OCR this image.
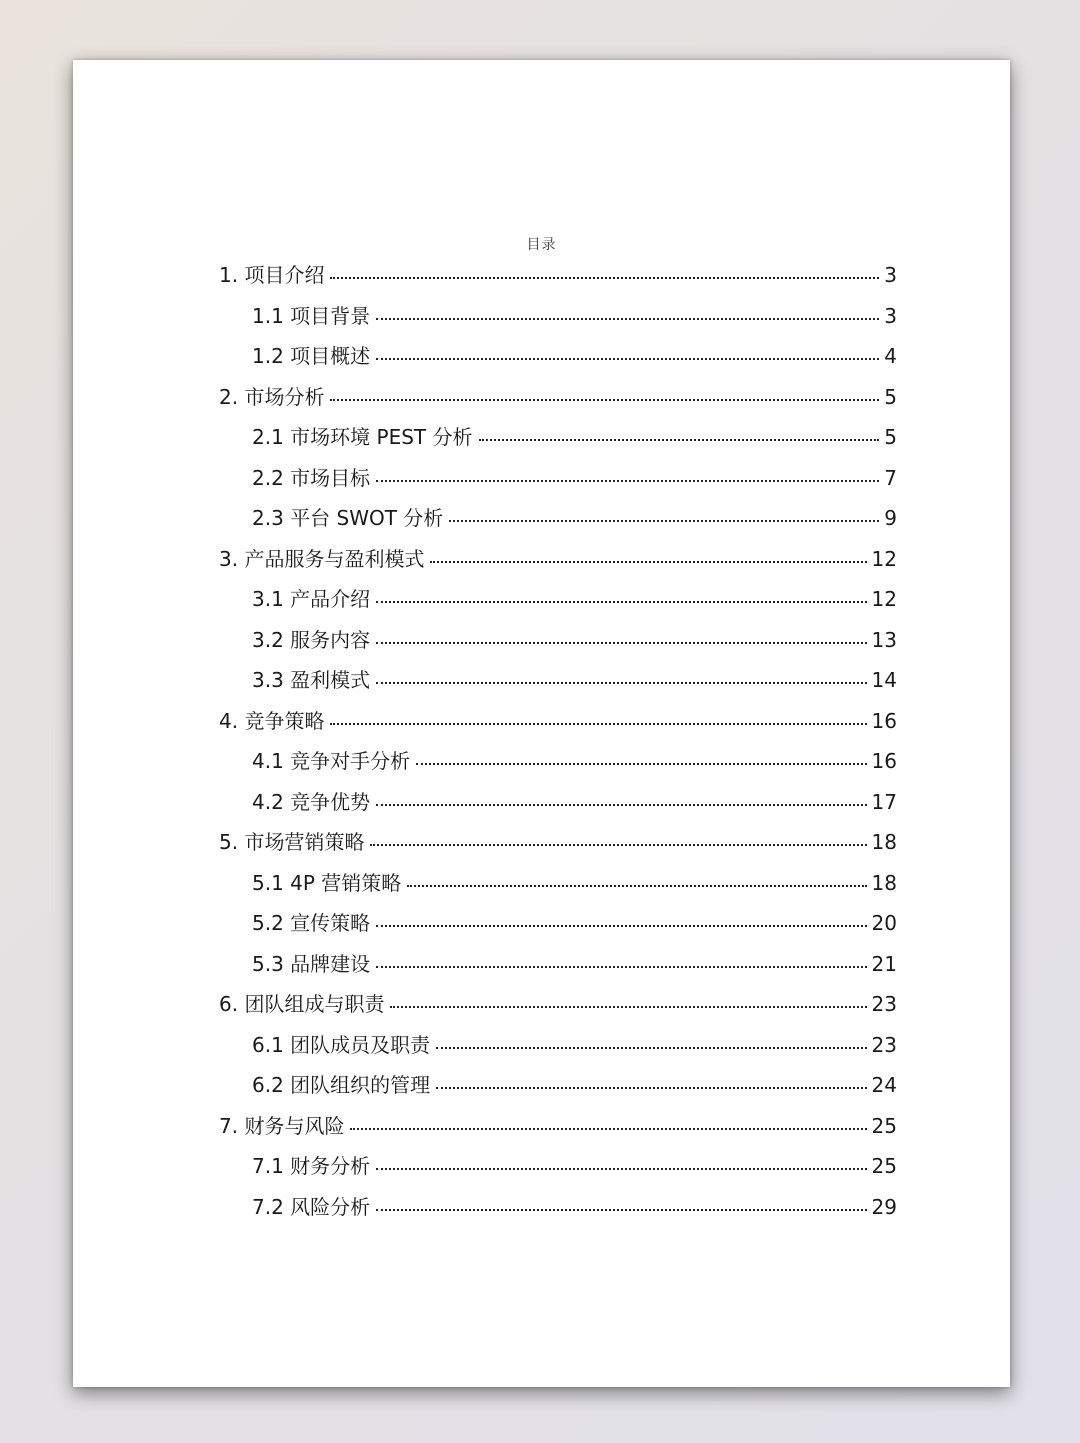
目录
1. 项目介绍	3
1.1 项目背景	3
1.2 项目概述	4
2. 市场分析	5
2.1 市场环境 PEST 分析	5
2.2 市场目标	7
2.3 平台 SWOT 分析	9
3. 产品服务与盈利模式	12
3.1 产品介绍	12
3.2 服务内容	13
3.3 盈利模式	14
4. 竞争策略	16
4.1 竞争对手分析	16
4.2 竞争优势	17
5. 市场营销策略	18
5.1 4P 营销策略	18
5.2 宣传策略	20
5.3 品牌建设	21
6. 团队组成与职责	23
6.1 团队成员及职责	23
6.2 团队组织的管理	24
7. 财务与风险	25
7.1 财务分析	25
7.2 风险分析	29
